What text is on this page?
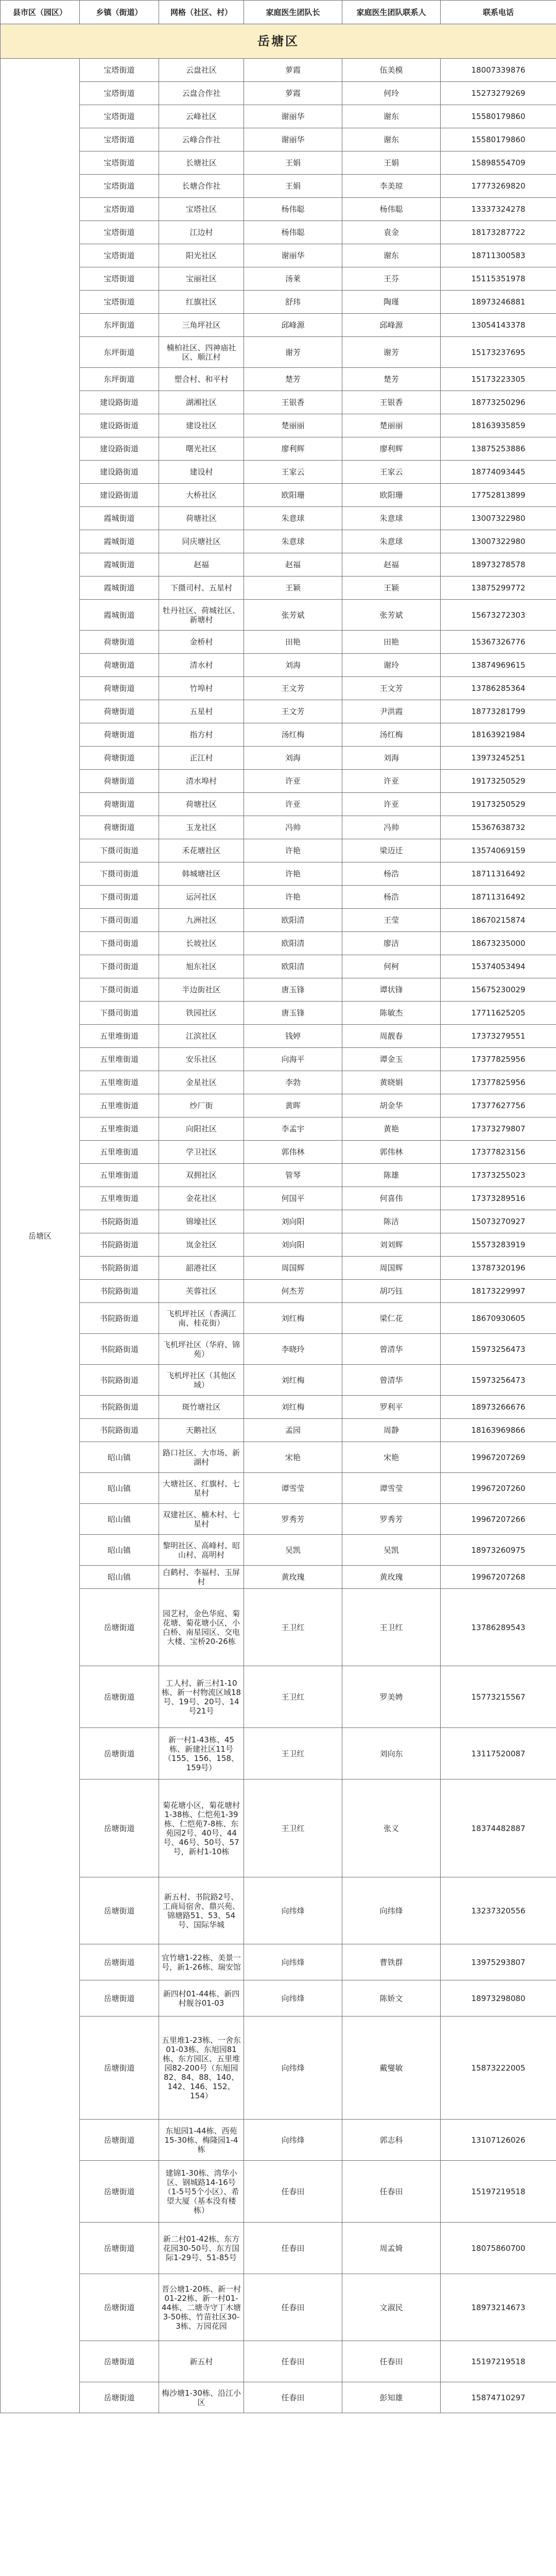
县市区（园区）	乡镇（街道）	网格（社区、村）	家庭医生团队长	家庭医生团队联系人	联系电话
岳塘区					
岳塘区	宝塔街道	云盘社区	萝霞	伍美模	18007339876
	宝塔街道	云盘合作社	萝霞	何玲	15273279269
	宝塔街道	云峰社区	谢丽华	谢东	15580179860
	宝塔街道	云峰合作社	谢丽华	谢东	15580179860
	宝塔街道	长塘社区	王娟	王娟	15898554709
	宝塔街道	长塘合作社	王娟	李美琼	17773269820
	宝塔街道	宝塔社区	杨伟聪	杨伟聪	13337324278
	宝塔街道	江边村	杨伟聪	袁金	18173287722
	宝塔街道	阳光社区	谢丽华	谢东	18711300583
	宝塔街道	宝丽社区	汤莱	王芬	15115351978
	宝塔街道	红旗社区	舒玮	陶瑾	18973246881
	东坪街道	三角坪社区	邱峰源	邱峰源	13054143378
	东坪街道	楠柏社区、四神庙社区、顺江村	谢芳	谢芳	15173237695
	东坪街道	塑合村、和平村	楚芳	楚芳	15173223305
	建设路街道	湖湘社区	王银香	王银香	18773250296
	建设路街道	建设社区	楚丽丽	楚丽丽	18163935859
	建设路街道	曙光社区	廖利辉	廖利辉	13875253886
	建设路街道	建设村	王家云	王家云	18774093445
	建设路街道	大桥社区	欧阳珊	欧阳珊	17752813899
	霞城街道	荷塘社区	朱意球	朱意球	13007322980
	霞城街道	同庆塘社区	朱意球	朱意球	13007322980
	霞城街道	赵福	赵福	赵福	18973278578
	霞城街道	下摄司村、五星村	王颖	王颖	13875299772
	霞城街道	牡丹社区、荷城社区、新塘村	张芳斌	张芳斌	15673272303
	荷塘街道	金桥村	田艳	田艳	15367326776
	荷塘街道	清水村	刘海	谢玲	13874969615
	荷塘街道	竹埠村	王文芳	王文芳	13786285364
	荷塘街道	五星村	王文芳	尹洪霞	18773281799
	荷塘街道	指方村	汤红梅	汤红梅	18163921984
	荷塘街道	正江村	刘海	刘海	13973245251
	荷塘街道	清水埠村	许亚	许亚	19173250529
	荷塘街道	荷塘社区	许亚	许亚	19173250529
	荷塘街道	玉龙社区	冯帅	冯帅	15367638732
	下摄司街道	禾花塘社区	许艳	梁迈迁	13574069159
	下摄司街道	韩城塘社区	许艳	杨浩	18711316492
	下摄司街道	运河社区	许艳	杨浩	18711316492
	下摄司街道	九洲社区	欧阳清	王莹	18670215874
	下摄司街道	长坡社区	欧阳清	廖洁	18673235000
	下摄司街道	旭东社区	欧阳清	何柯	15374053494
	下摄司街道	半边街社区	唐玉锋	谭状锋	15675230029
	下摄司街道	铁园社区	唐玉锋	陈敏杰	17711625205
	五里堆街道	江滨社区	钱婷	周靓春	17373279551
	五里堆街道	安乐社区	向海平	谭金玉	17377825956
	五里堆街道	金星社区	李勃	黄晓娟	17377825956
	五里堆街道	纱厂街	黄晖	胡金华	17377627756
	五里堆街道	向阳社区	李孟宇	黄艳	17373279807
	五里堆街道	学卫社区	郭伟林	郭伟林	17377823156
	五里堆街道	双拥社区	管琴	陈雄	17373255023
	五里堆街道	金花社区	何国平	何喜伟	17373289516
	书院路街道	锦壕社区	刘向阳	陈洁	15073270927
	书院路街道	岚金社区	刘向阳	刘刘辉	15573283919
	书院路街道	韶港社区	周国辉	周国辉	13787320196
	书院路街道	芙蓉社区	何杰芳	胡巧钰	18173229997
	书院路街道	飞机坪社区（香满江南、桂花街）	刘红梅	梁仁花	18670930605
	书院路街道	飞机坪社区（华府、锦苑）	李晓玲	曾清华	15973256473
	书院路街道	飞机坪社区（其他区域）	刘红梅	曾清华	15973256473
	书院路街道	斑竹塘社区	刘红梅	罗利平	18973266676
	书院路街道	天鹅社区	孟园	周静	18163969866
	昭山镇	路口社区、大市场、新湖村	宋艳	宋艳	19967207269
	昭山镇	大塘社区、红旗村、七星村	谭雪莹	谭雪莹	19967207260
	昭山镇	双建社区、楠木村、七星村	罗秀芳	罗秀芳	19967207266
	昭山镇	黎明社区、高峰村、昭山村、高明村	吴凯	吴凯	18973260975
	昭山镇	白鹤村、李福村、玉屏村	黄玫瑰	黄玫瑰	19967207268
	岳塘街道	园艺村，金色华庭、菊花塘、菊花塘小区，小白桥、南星园区、交电大楼、宝桥20-26栋	王卫红	王卫红	13786289543
	岳塘街道	工人村、新三村1-10栋、新一村物流区域18号、19号、20号、14号21号	王卫红	罗美娉	15773215567
	岳塘街道	新一村1-43栋、45栋、新建社区11号（155、156、158、159号）	王卫红	刘向东	13117520087
	岳塘街道	菊花塘小区，菊花塘村1-38栋、仁恺苑1-39栋、仁恺苑7-8栋、东苑园2号、40号、44号、46号、50号、57号，新村1-10栋	王卫红	张义	18374482887
	岳塘街道	新五村、书院路2号、工商局宿舍、鼎兴苑、锦塘路51、53、54号、国际华城	向纬烽	向纬烽	13237320556
	岳塘街道	宜竹塘1-22栋、美景一号，新1-26栋、瑞安馆	向纬烽	曹铁群	13975293807
	岳塘街道	新四村01-44栋、新四村舰谷01-03	向纬烽	陈娇文	18973298080
	岳塘街道	五里堆1-23栋、一舍东01-03栋、东旭园81栋、东方园区、五里堆园82-200号（东旭园82、84、88、140、142、146、152、154）	向纬烽	戴燮敏	15873222005
	岳塘街道	东旭园1-44栋、西苑15-30栋、梅隆园1-4栋	向纬烽	郭志科	13107126026
	岳塘街道	建锦1-30栋、湾华小区、钢城路14-16号（1-5号5个小区）、希望大厦（基本没有楼栋）	任春田	任春田	15197219518
	岳塘街道	新二村01-42栋、东方花园30-50号、东方国际1-29号、51-85号	任春田	周孟婍	18075860700
	岳塘街道	晋公塘1-20栋、新一村01-22栋、新一村01-44栋、二塘寺守丁木塘3-50栋、竹苗社区30-3栋、万园花园	任春田	文淑民	18973214673
	岳塘街道	新五村	任春田	任春田	15197219518
	岳塘街道	梅沙塘1-30栋、沿江小区	任春田	彭知雄	15874710297
